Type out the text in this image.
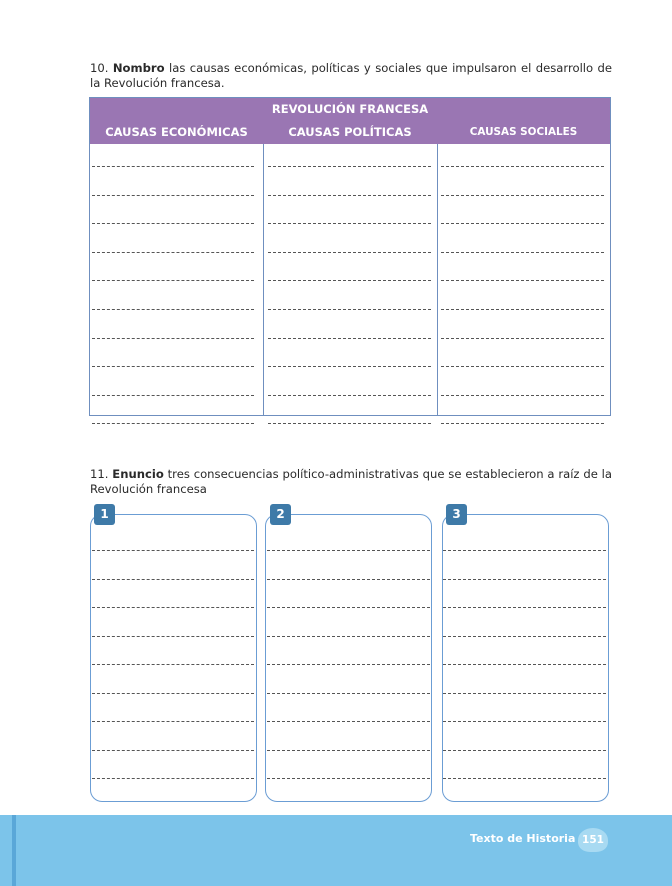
10. Nombro las causas económicas, políticas y sociales que impulsaron el desarrollo de la Revolución francesa.
REVOLUCIÓN FRANCESA
CAUSAS ECONÓMICAS	CAUSAS POLÍTICAS	CAUSAS SOCIALES
11. Enuncio tres consecuencias político-administrativas que se establecieron a raíz de la Revolución francesa
1	2	3
Texto de Historia 151
